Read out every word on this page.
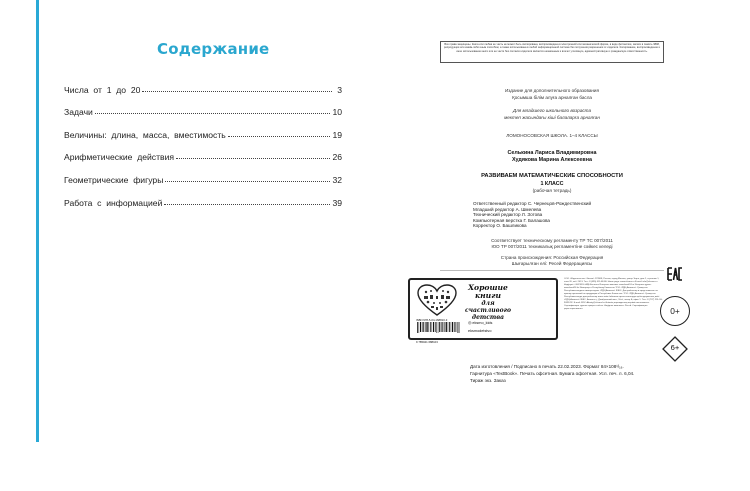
Содержание
Числа  от  1  до  20	3
Задачи	10
Величины:  длина,  масса,  вместимость	19
Арифметические  действия	26
Геометрические  фигуры	32
Работа  с  информацией	39
Все права защищены. Книга или любая ее часть не может быть скопирована, воспроизведена в электронной или механической форме, в виде фотокопии, записи в память ЭВМ, репродукции или каким-либо иным способом, а также использована в любой информационной системе без получения разрешения от издателя. Копирование, воспроизведение и иное использование книги или ее части без согласия издателя является незаконным и влечет уголовную, административную и гражданскую ответственность.
Издание для дополнительного образования
Қосымша білім алуға арналған басла
Для младшего школьного возраста
мектеп жасындағы кіші балаларға арналған
ЛОМОНОСОВСКАЯ ШКОЛА. 1–4 КЛАССЫ
Селькина Лариса Владимировна
Худякова Марина Алексеевна
РАЗВИВАЕМ МАТЕМАТИЧЕСКИЕ СПОСОБНОСТИ
1 КЛАСС
(рабочая тетрадь)
Ответственный редактор С. Чернецов-Рождественский
Младший редактор А. Шмелева
Технический редактор Л. Зотова
Компьютерная верстка Г. Балашова
Корректор О. Башликова
Соответствует техническому регламенту ТР ТС 007/2011
ЮО ТР 007/2011 техникалық регламентіне сәйкес келеді
Страна происхождения: Российская Федерация
Шығарылған елі: Ресей Федерациясы
Хорошие
книги
для счастливого
детства
ISBN 978-5-04-168810-3
9 785041 688103
◎ eksmo_kids
eksmodetstvo
ООО «Издательство «Эксмо» 123308, Россия, город Москва, улица Зорге, дом 1, строение 1, этаж 20, каб. 2013. Тел.: 8 (495) 411-68-86. Home page: www.eksmo.ru E-mail: info@eksmo.ru Өндіруші: «ЭКСМО» АҚБ Баспасы Интернет-магазин: www.book24.ru Интернет-дүкен: www.book24.kz Импортер в Республику Казахстан ТОО «РДЦ-Алматы». Қазақстан Республикасындағы импорттаушы «РДЦ-Алматы» ЖШС. Дистрибьютор и представитель по приему претензий на продукцию в Республике Казахстан: ТОО «РДЦ-Алматы». Қазақстан Республикасында дистрибьютор және өнім бойынша арыз-талаптарды қабылдаушының өкілі «РДЦ-Алматы» ЖШС, Алматы қ., Домбровский көш., 3«а», литер Б, офис 1. Тел.: 8 (727) 251-59-90/91/92. E-mail: RDC-Almaty@eksmo.kz Өнімнің жарамдылық мерзімі шектелмеген. Сертификация туралы ақпарат сайтта. Өндірген мемлекет: Ресей. Сертификация қарастырылмаған.
Дата изготовления / Подписано в печать 22.02.2023. Формат 84×108¹/₁₆.
Гарнитура «TextBook». Печать офсетная. Бумага офсетная. Усл. печ. л. 6,04.
Тираж экз. Заказ
0+
6+
